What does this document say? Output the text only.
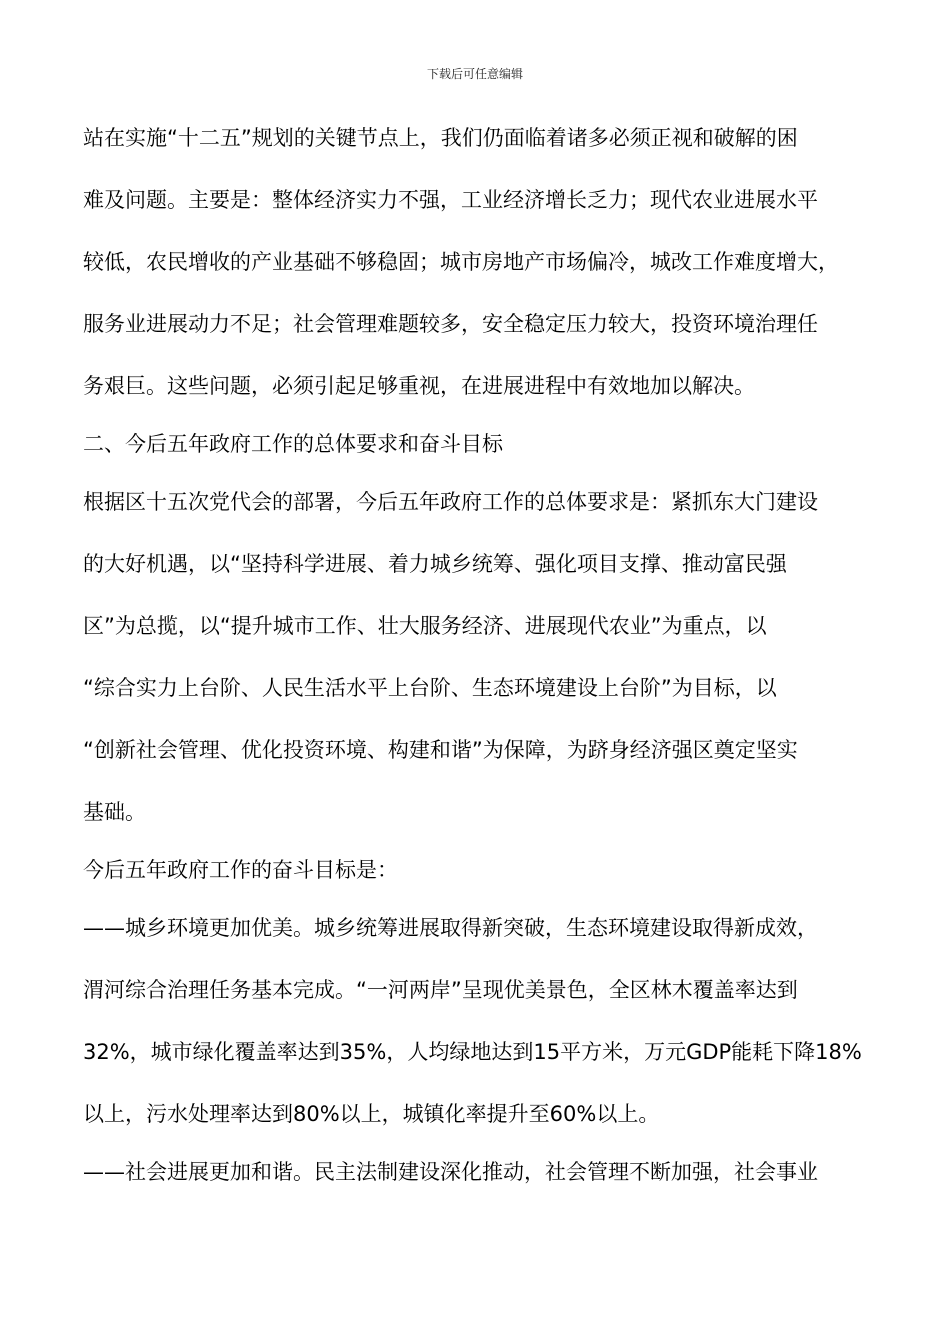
下载后可任意编辑
站在实施“十二五”规划的关键节点上，我们仍面临着诸多必须正视和破解的困
难及问题。主要是：整体经济实力不强，工业经济增长乏力；现代农业进展水平
较低，农民增收的产业基础不够稳固；城市房地产市场偏冷，城改工作难度增大，
服务业进展动力不足；社会管理难题较多，安全稳定压力较大，投资环境治理任
务艰巨。这些问题，必须引起足够重视，在进展进程中有效地加以解决。
二、今后五年政府工作的总体要求和奋斗目标
根据区十五次党代会的部署，今后五年政府工作的总体要求是：紧抓东大门建设
的大好机遇，以“坚持科学进展、着力城乡统筹、强化项目支撑、推动富民强
区”为总揽，以“提升城市工作、壮大服务经济、进展现代农业”为重点，以
“综合实力上台阶、人民生活水平上台阶、生态环境建设上台阶”为目标，以
“创新社会管理、优化投资环境、构建和谐”为保障，为跻身经济强区奠定坚实
基础。
今后五年政府工作的奋斗目标是：
——城乡环境更加优美。城乡统筹进展取得新突破，生态环境建设取得新成效，
渭河综合治理任务基本完成。“一河两岸”呈现优美景色，全区林木覆盖率达到
32%，城市绿化覆盖率达到35%，人均绿地达到15平方米，万元GDP能耗下降18%
以上，污水处理率达到80%以上，城镇化率提升至60%以上。
——社会进展更加和谐。民主法制建设深化推动，社会管理不断加强，社会事业
